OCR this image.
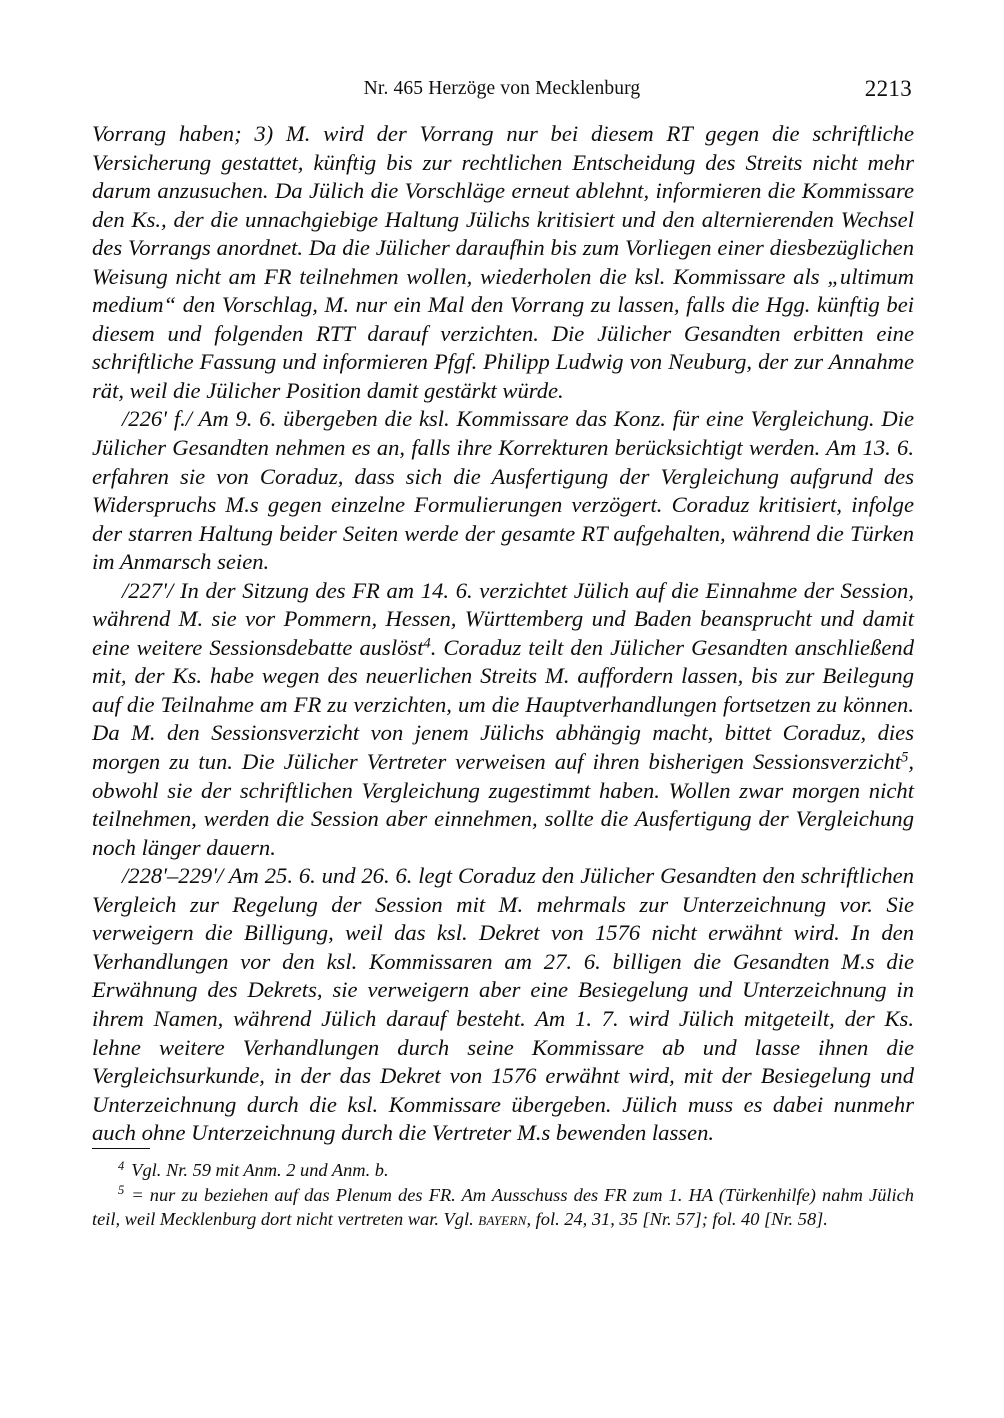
Nr. 465 Herzöge von Mecklenburg	2213

Vorrang haben; 3) M. wird der Vorrang nur bei diesem RT gegen die schriftliche Versicherung gestattet, künftig bis zur rechtlichen Entscheidung des Streits nicht mehr darum anzusuchen. Da Jülich die Vorschläge erneut ablehnt, informieren die Kommissare den Ks., der die unnachgiebige Haltung Jülichs kritisiert und den alternierenden Wechsel des Vorrangs anordnet. Da die Jülicher daraufhin bis zum Vorliegen einer diesbezüglichen Weisung nicht am FR teilnehmen wollen, wiederholen die ksl. Kommissare als „ultimum medium“ den Vorschlag, M. nur ein Mal den Vorrang zu lassen, falls die Hgg. künftig bei diesem und folgenden RTT darauf verzichten. Die Jülicher Gesandten erbitten eine schriftliche Fassung und informieren Pfgf. Philipp Ludwig von Neuburg, der zur Annahme rät, weil die Jülicher Position damit gestärkt würde.

/226' f./ Am 9. 6. übergeben die ksl. Kommissare das Konz. für eine Vergleichung. Die Jülicher Gesandten nehmen es an, falls ihre Korrekturen berücksichtigt werden. Am 13. 6. erfahren sie von Coraduz, dass sich die Ausfertigung der Vergleichung aufgrund des Widerspruchs M.s gegen einzelne Formulierungen verzögert. Coraduz kritisiert, infolge der starren Haltung beider Seiten werde der gesamte RT aufgehalten, während die Türken im Anmarsch seien.

/227'/ In der Sitzung des FR am 14. 6. verzichtet Jülich auf die Einnahme der Session, während M. sie vor Pommern, Hessen, Württemberg und Baden beansprucht und damit eine weitere Sessionsdebatte auslöst$^4$. Coraduz teilt den Jülicher Gesandten anschließend mit, der Ks. habe wegen des neuerlichen Streits M. auffordern lassen, bis zur Beilegung auf die Teilnahme am FR zu verzichten, um die Hauptverhandlungen fortsetzen zu können. Da M. den Sessionsverzicht von jenem Jülichs abhängig macht, bittet Coraduz, dies morgen zu tun. Die Jülicher Vertreter verweisen auf ihren bisherigen Sessionsverzicht$^5$, obwohl sie der schriftlichen Vergleichung zugestimmt haben. Wollen zwar morgen nicht teilnehmen, werden die Session aber einnehmen, sollte die Ausfertigung der Vergleichung noch länger dauern.

/228'–229'/ Am 25. 6. und 26. 6. legt Coraduz den Jülicher Gesandten den schriftlichen Vergleich zur Regelung der Session mit M. mehrmals zur Unterzeichnung vor. Sie verweigern die Billigung, weil das ksl. Dekret von 1576 nicht erwähnt wird. In den Verhandlungen vor den ksl. Kommissaren am 27. 6. billigen die Gesandten M.s die Erwähnung des Dekrets, sie verweigern aber eine Besiegelung und Unterzeichnung in ihrem Namen, während Jülich darauf besteht. Am 1. 7. wird Jülich mitgeteilt, der Ks. lehne weitere Verhandlungen durch seine Kommissare ab und lasse ihnen die Vergleichsurkunde, in der das Dekret von 1576 erwähnt wird, mit der Besiegelung und Unterzeichnung durch die ksl. Kommissare übergeben. Jülich muss es dabei nunmehr auch ohne Unterzeichnung durch die Vertreter M.s bewenden lassen.

4 Vgl. Nr. 59 mit Anm. 2 und Anm. b.

5 = nur zu beziehen auf das Plenum des FR. Am Ausschuss des FR zum 1. HA (Türkenhilfe) nahm Jülich teil, weil Mecklenburg dort nicht vertreten war. Vgl. bayern, fol. 24, 31, 35 [Nr. 57]; fol. 40 [Nr. 58].
